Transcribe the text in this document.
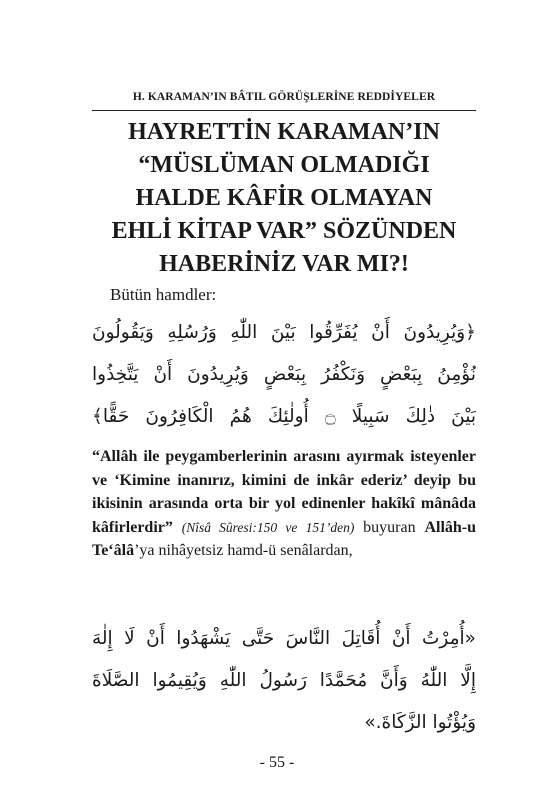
H. KARAMAN’IN BÂTIL GÖRÜŞLERİNE REDDİYELER
HAYRETTİN KARAMAN’IN
“MÜSLÜMAN OLMADIĞI
HALDE KÂFİR OLMAYAN
EHLİ KİTAP VAR” SÖZÜNDEN
HABERİNİZ VAR MI?!
Bütün hamdler:
﴿وَيُرِيدُونَ أَنْ يُفَرِّقُوا بَيْنَ اللّٰهِ وَرُسُلِهِ وَيَقُولُونَ
نُؤْمِنُ بِبَعْضٍ وَنَكْفُرُ بِبَعْضٍ وَيُرِيدُونَ أَنْ يَتَّخِذُوا
بَيْنَ ذٰلِكَ سَبِيلًا ۝ أُولٰئِكَ هُمُ الْكَافِرُونَ حَقًّا﴾
“Allâh ile peygamberlerinin arasını ayırmak isteyenler ve ‘Kimine inanırız, kimini de inkâr ederiz’ deyip bu ikisinin arasında orta bir yol edinenler hakîkî mânâda kâfirlerdir” (Nîsâ Sûresi:150 ve 151’den) buyuran Allâh-u Te‘âlâ’ya nihâyetsiz hamd-ü senâlardan,
«أُمِرْتُ أَنْ أُقَاتِلَ النَّاسَ حَتَّى يَشْهَدُوا أَنْ لَا إِلٰهَ
إِلَّا اللّٰهُ وَأَنَّ مُحَمَّدًا رَسُولُ اللّٰهِ وَيُقِيمُوا الصَّلَاةَ
وَيُؤْتُوا الزَّكَاةَ.»
- 55 -
